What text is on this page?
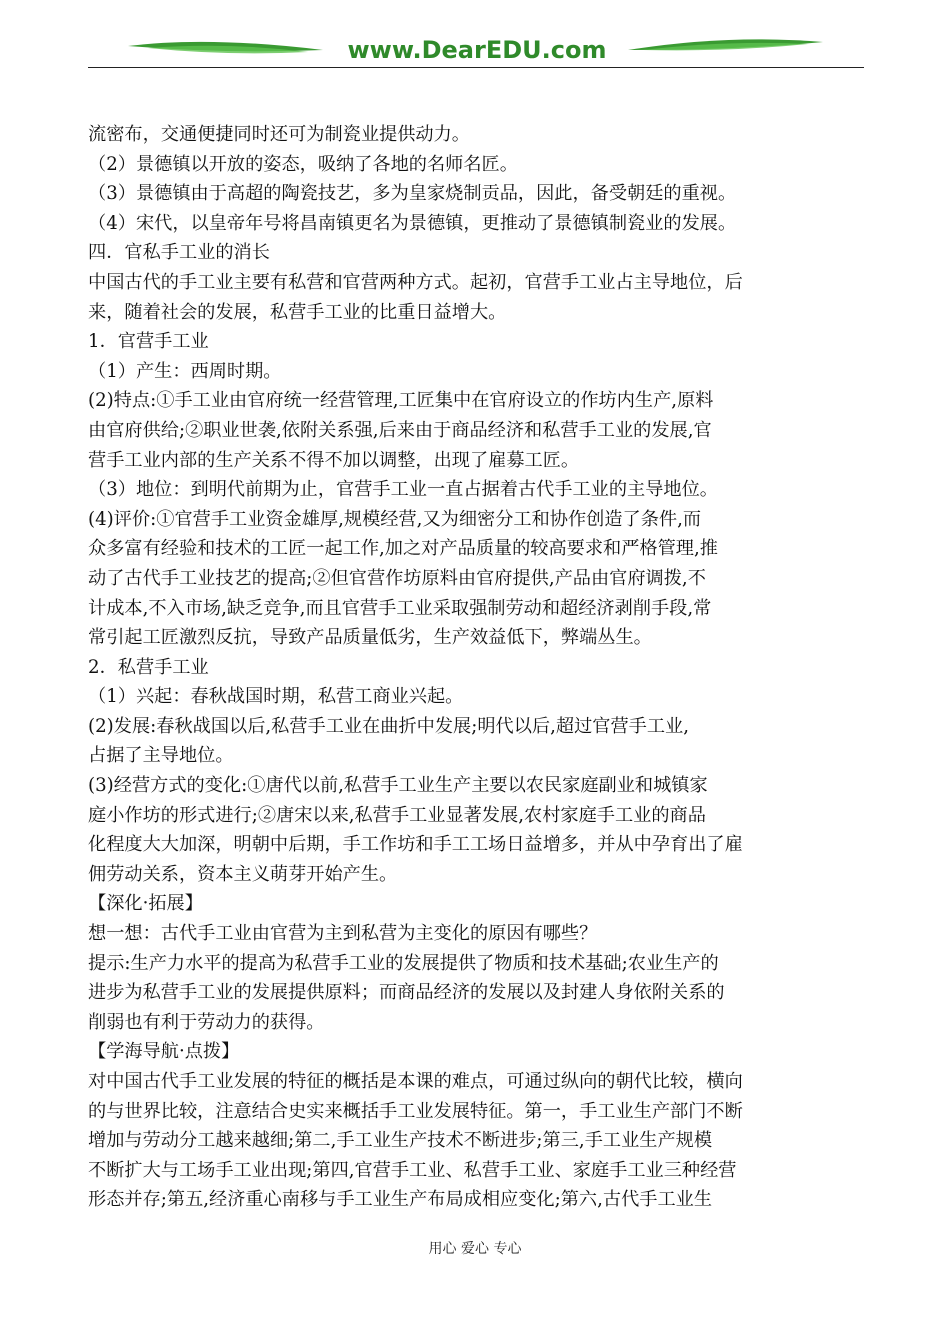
www.DearEDU.com
流密布，交通便捷同时还可为制瓷业提供动力。
（2）景德镇以开放的姿态，吸纳了各地的名师名匠。
（3）景德镇由于高超的陶瓷技艺，多为皇家烧制贡品，因此，备受朝廷的重视。
（4）宋代，以皇帝年号将昌南镇更名为景德镇，更推动了景德镇制瓷业的发展。
四．官私手工业的消长
中国古代的手工业主要有私营和官营两种方式。起初，官营手工业占主导地位，后
来，随着社会的发展，私营手工业的比重日益增大。
1．官营手工业
（1）产生：西周时期。
(2)特点:①手工业由官府统一经营管理,工匠集中在官府设立的作坊内生产,原料
由官府供给;②职业世袭,依附关系强,后来由于商品经济和私营手工业的发展,官
营手工业内部的生产关系不得不加以调整，出现了雇募工匠。
（3）地位：到明代前期为止，官营手工业一直占据着古代手工业的主导地位。
(4)评价:①官营手工业资金雄厚,规模经营,又为细密分工和协作创造了条件,而
众多富有经验和技术的工匠一起工作,加之对产品质量的较高要求和严格管理,推
动了古代手工业技艺的提高;②但官营作坊原料由官府提供,产品由官府调拨,不
计成本,不入市场,缺乏竞争,而且官营手工业采取强制劳动和超经济剥削手段,常
常引起工匠激烈反抗，导致产品质量低劣，生产效益低下，弊端丛生。
2．私营手工业
（1）兴起：春秋战国时期，私营工商业兴起。
(2)发展:春秋战国以后,私营手工业在曲折中发展;明代以后,超过官营手工业,
占据了主导地位。
(3)经营方式的变化:①唐代以前,私营手工业生产主要以农民家庭副业和城镇家
庭小作坊的形式进行;②唐宋以来,私营手工业显著发展,农村家庭手工业的商品
化程度大大加深，明朝中后期，手工作坊和手工工场日益增多，并从中孕育出了雇
佣劳动关系，资本主义萌芽开始产生。
【深化·拓展】
想一想：古代手工业由官营为主到私营为主变化的原因有哪些？
提示:生产力水平的提高为私营手工业的发展提供了物质和技术基础;农业生产的
进步为私营手工业的发展提供原料；而商品经济的发展以及封建人身依附关系的
削弱也有利于劳动力的获得。
【学海导航·点拨】
对中国古代手工业发展的特征的概括是本课的难点，可通过纵向的朝代比较，横向
的与世界比较，注意结合史实来概括手工业发展特征。第一，手工业生产部门不断
增加与劳动分工越来越细;第二,手工业生产技术不断进步;第三,手工业生产规模
不断扩大与工场手工业出现;第四,官营手工业、私营手工业、家庭手工业三种经营
形态并存;第五,经济重心南移与手工业生产布局成相应变化;第六,古代手工业生
用心 爱心 专心
